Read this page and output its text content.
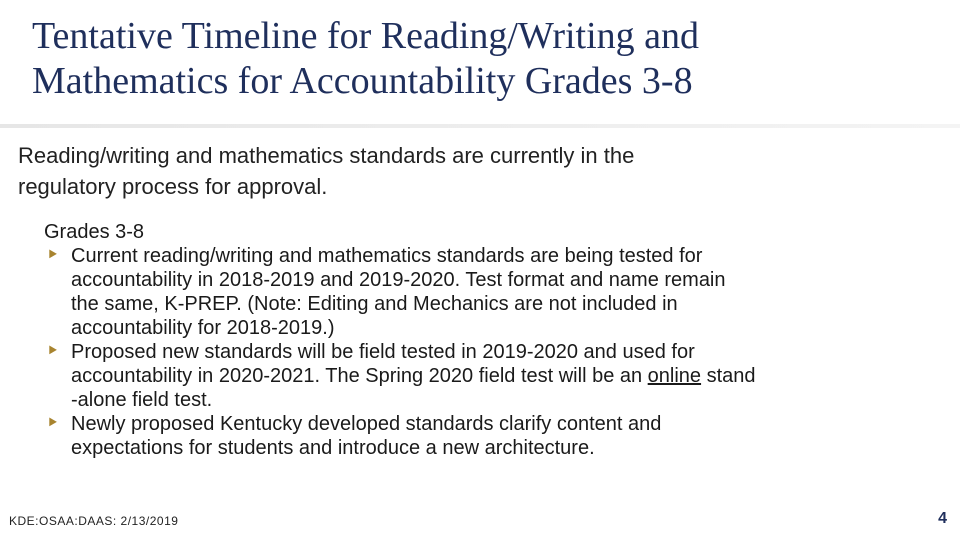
Tentative Timeline for Reading/Writing and
Mathematics for Accountability Grades 3-8
Reading/writing and mathematics standards are currently in the
regulatory process for approval.
Grades 3-8
⯈ Current reading/writing and mathematics standards are being tested for
accountability in 2018-2019 and 2019-2020. Test format and name remain
the same, K-PREP. (Note: Editing and Mechanics are not included in
accountability for 2018-2019.)
⯈ Proposed new standards will be field tested in 2019-2020 and used for
accountability in 2020-2021. The Spring 2020 field test will be an online stand
-alone field test.
⯈ Newly proposed Kentucky developed standards clarify content and
expectations for students and introduce a new architecture.
KDE:OSAA:DAAS: 2/13/2019	4
